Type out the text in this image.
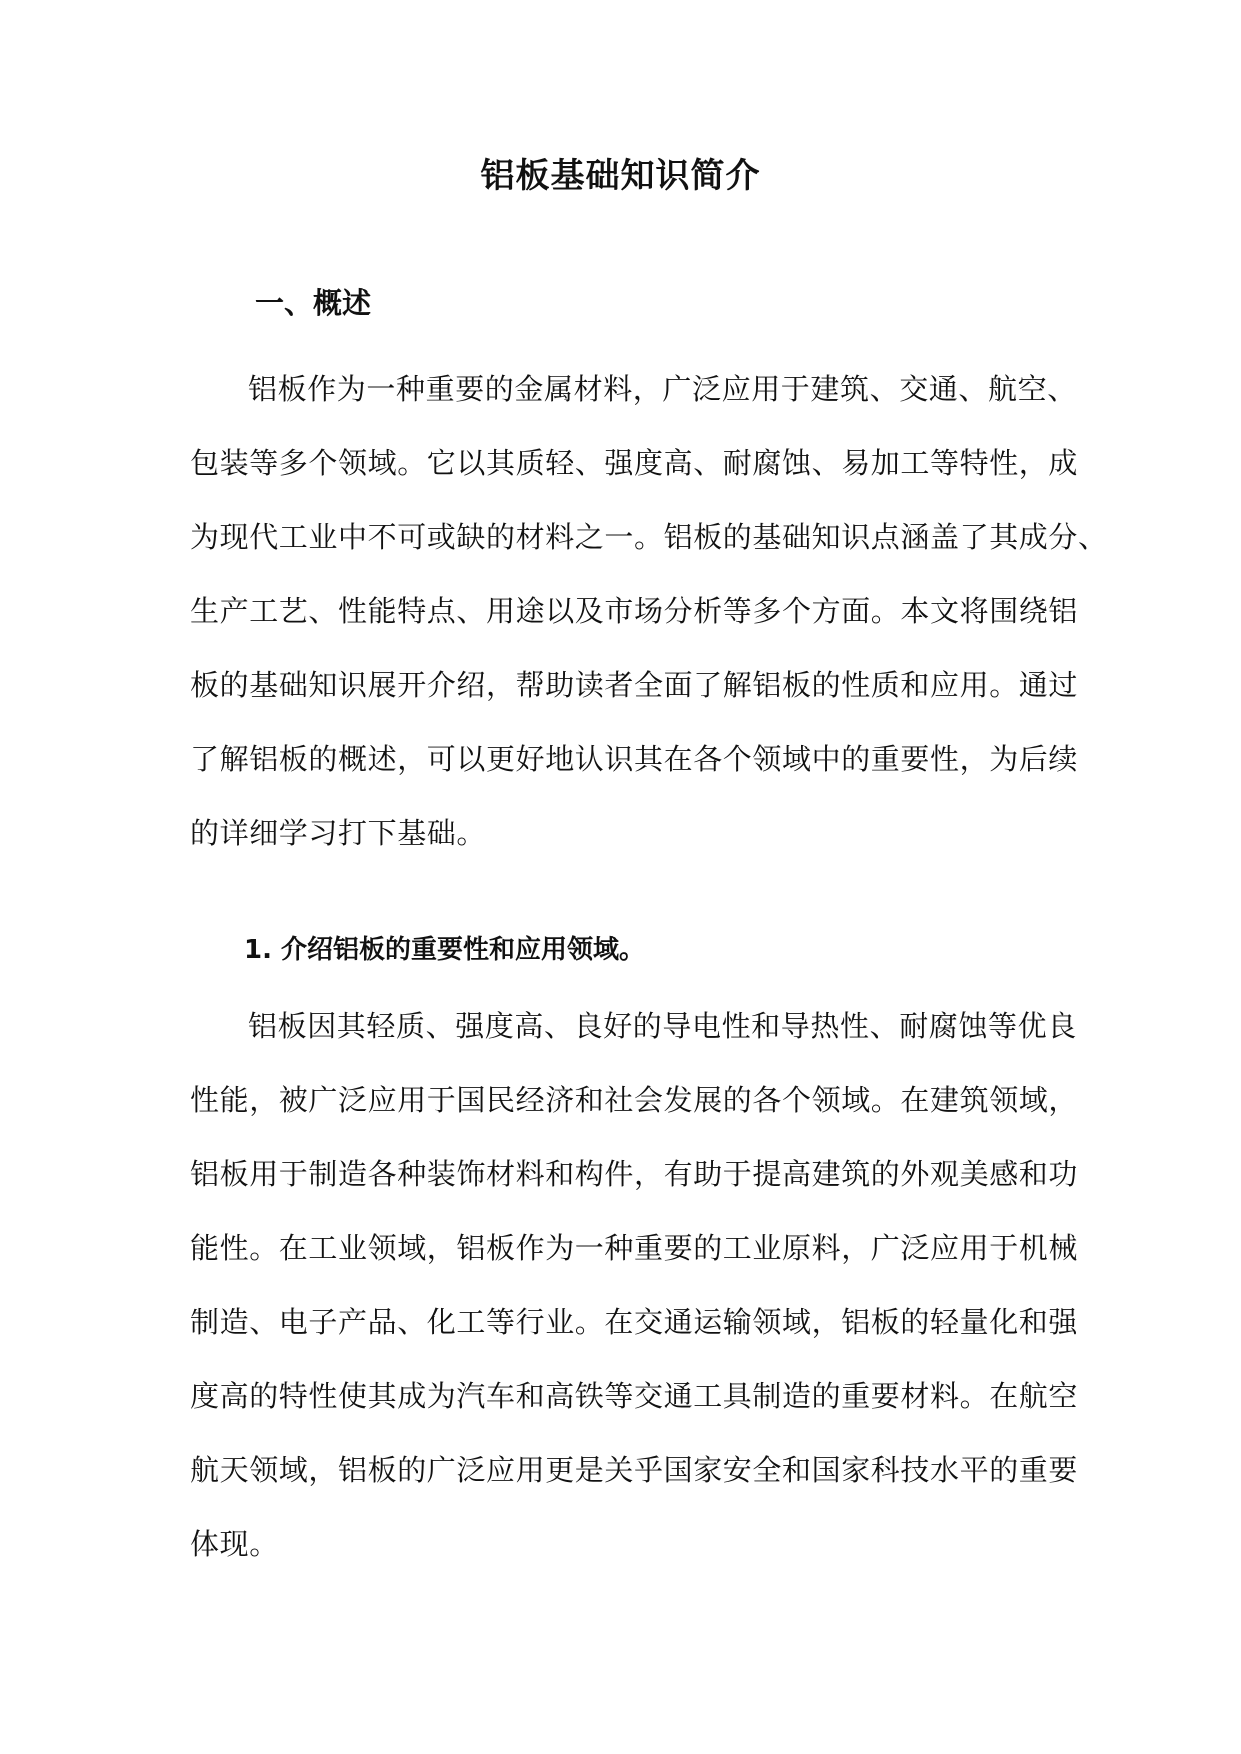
铝板基础知识简介
一、概述
铝板作为一种重要的金属材料，广泛应用于建筑、交通、航空、
包装等多个领域。它以其质轻、强度高、耐腐蚀、易加工等特性，成
为现代工业中不可或缺的材料之一。铝板的基础知识点涵盖了其成分、
生产工艺、性能特点、用途以及市场分析等多个方面。本文将围绕铝
板的基础知识展开介绍，帮助读者全面了解铝板的性质和应用。通过
了解铝板的概述，可以更好地认识其在各个领域中的重要性，为后续
的详细学习打下基础。
1. 介绍铝板的重要性和应用领域。
铝板因其轻质、强度高、良好的导电性和导热性、耐腐蚀等优良
性能，被广泛应用于国民经济和社会发展的各个领域。在建筑领域，
铝板用于制造各种装饰材料和构件，有助于提高建筑的外观美感和功
能性。在工业领域，铝板作为一种重要的工业原料，广泛应用于机械
制造、电子产品、化工等行业。在交通运输领域，铝板的轻量化和强
度高的特性使其成为汽车和高铁等交通工具制造的重要材料。在航空
航天领域，铝板的广泛应用更是关乎国家安全和国家科技水平的重要
体现。
